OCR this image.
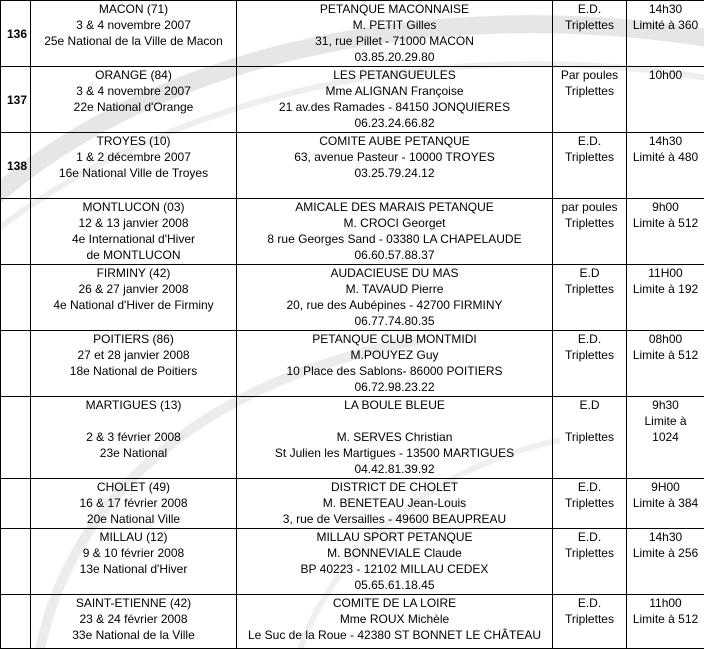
136	MACON (71)
3 & 4 novembre 2007
25e National de la Ville de Macon	PETANQUE MACONNAISE
M. PETIT Gilles
31, rue Pillet - 71000 MACON
03.85.20.29.80	E.D.
Triplettes	14h30
Limité à 360

137	ORANGE (84)
3 & 4 novembre 2007
22e National d'Orange	LES PETANGUEULES
Mme ALIGNAN Françoise
21 av.des Ramades - 84150 JONQUIERES
06.23.24.66.82	Par poules
Triplettes	10h00

138	TROYES (10)
1 & 2 décembre 2007
16e National Ville de Troyes	COMITE AUBE PETANQUE
63, avenue Pasteur - 10000 TROYES
03.25.79.24.12	E.D.
Triplettes	14h30
Limité à 480

	MONTLUCON (03)
12 & 13 janvier 2008
4e International d'Hiver
de MONTLUCON	AMICALE DES MARAIS PETANQUE
M. CROCI Georget
8 rue Georges Sand - 03380 LA CHAPELAUDE
06.60.57.88.37	par poules
Triplettes	9h00
Limite à 512

	FIRMINY (42)
26 & 27 janvier 2008
4e National d'Hiver de Firminy	AUDACIEUSE DU MAS
M. TAVAUD Pierre
20, rue des Aubépines - 42700 FIRMINY
06.77.74.80.35	E.D
Triplettes	11H00
Limite à 192

	POITIERS (86)
27 et 28 janvier 2008
18e National de Poitiers	PETANQUE CLUB MONTMIDI
M.POUYEZ Guy
10 Place des Sablons- 86000 POITIERS
06.72.98.23.22	E.D.
Triplettes	08h00
Limite à 512

	MARTIGUES (13)
2 & 3 février 2008
23e National	LA BOULE BLEUE
M. SERVES Christian
St Julien les Martigues - 13500 MARTIGUES
04.42.81.39.92	E.D
Triplettes	9h30
Limite à
1024

	CHOLET (49)
16 & 17 février 2008
20e National Ville	DISTRICT DE CHOLET
M. BENETEAU Jean-Louis
3, rue de Versailles - 49600 BEAUPREAU	E.D.
Triplettes	9H00
Limite à 384

	MILLAU (12)
9 & 10 février 2008
13e National d'Hiver	MILLAU SPORT PETANQUE
M. BONNEVIALE Claude
BP 40223 - 12102 MILLAU CEDEX
05.65.61.18.45	E.D.
Triplettes	14h30
Limite à 256

	SAINT-ETIENNE (42)
23 & 24 février 2008
33e National de la Ville	COMITE DE LA LOIRE
Mme ROUX Michèle
Le Suc de la Roue - 42380 ST BONNET LE CHÂTEAU	E.D.
Triplettes	11h00
Limite à 512
